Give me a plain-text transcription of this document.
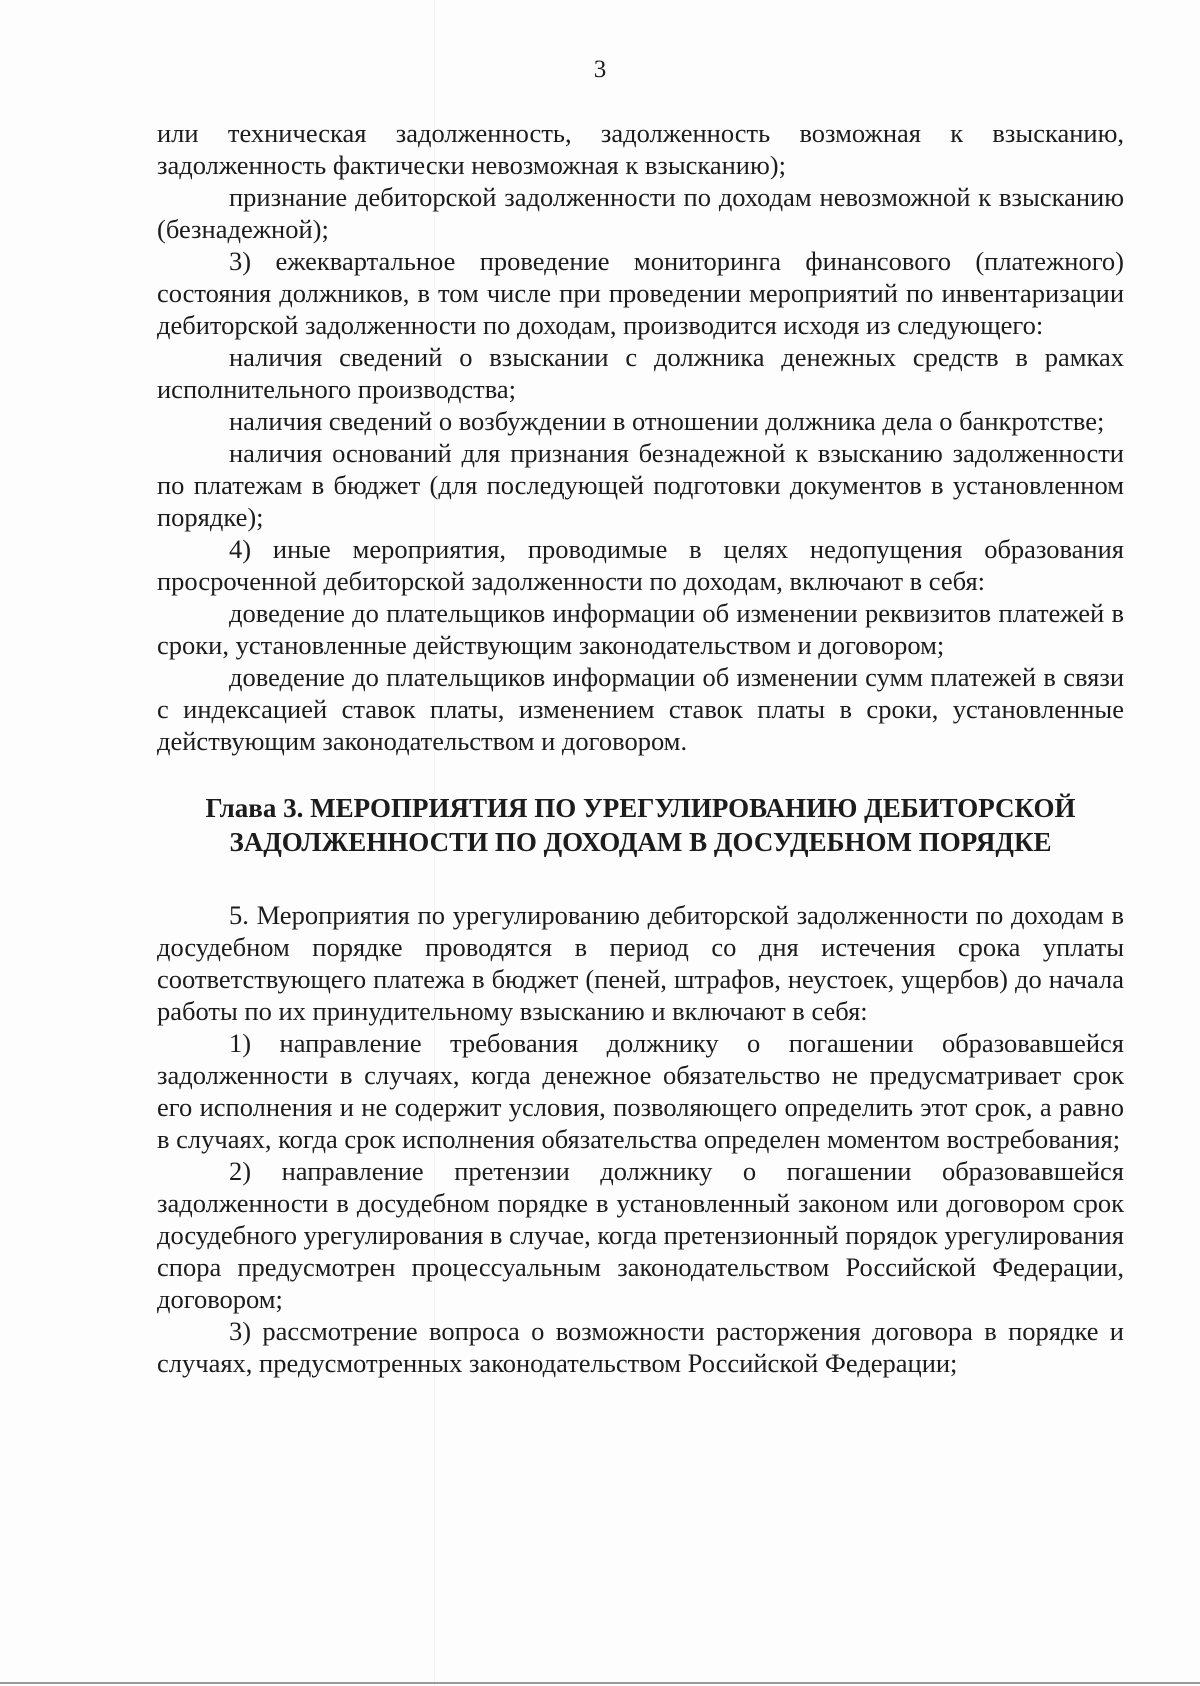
3

или техническая задолженность, задолженность возможная к взысканию, задолженность фактически невозможная к взысканию);

признание дебиторской задолженности по доходам невозможной к взысканию (безнадежной);

3) ежеквартальное проведение мониторинга финансового (платежного) состояния должников, в том числе при проведении мероприятий по инвентаризации дебиторской задолженности по доходам, производится исходя из следующего:

наличия сведений о взыскании с должника денежных средств в рамках исполнительного производства;

наличия сведений о возбуждении в отношении должника дела о банкротстве;

наличия оснований для признания безнадежной к взысканию задолженности по платежам в бюджет (для последующей подготовки документов в установленном порядке);

4) иные мероприятия, проводимые в целях недопущения образования просроченной дебиторской задолженности по доходам, включают в себя:

доведение до плательщиков информации об изменении реквизитов платежей в сроки, установленные действующим законодательством и договором;

доведение до плательщиков информации об изменении сумм платежей в связи с индексацией ставок платы, изменением ставок платы в сроки, установленные действующим законодательством и договором.

Глава 3. МЕРОПРИЯТИЯ ПО УРЕГУЛИРОВАНИЮ ДЕБИТОРСКОЙ
ЗАДОЛЖЕННОСТИ ПО ДОХОДАМ В ДОСУДЕБНОМ ПОРЯДКЕ

5. Мероприятия по урегулированию дебиторской задолженности по доходам в досудебном порядке проводятся в период со дня истечения срока уплаты соответствующего платежа в бюджет (пеней, штрафов, неустоек, ущербов) до начала работы по их принудительному взысканию и включают в себя:

1) направление требования должнику о погашении образовавшейся задолженности в случаях, когда денежное обязательство не предусматривает срок его исполнения и не содержит условия, позволяющего определить этот срок, а равно в случаях, когда срок исполнения обязательства определен моментом востребования;

2) направление претензии должнику о погашении образовавшейся задолженности в досудебном порядке в установленный законом или договором срок досудебного урегулирования в случае, когда претензионный порядок урегулирования спора предусмотрен процессуальным законодательством Российской Федерации, договором;

3) рассмотрение вопроса о возможности расторжения договора в порядке и случаях, предусмотренных законодательством Российской Федерации;
